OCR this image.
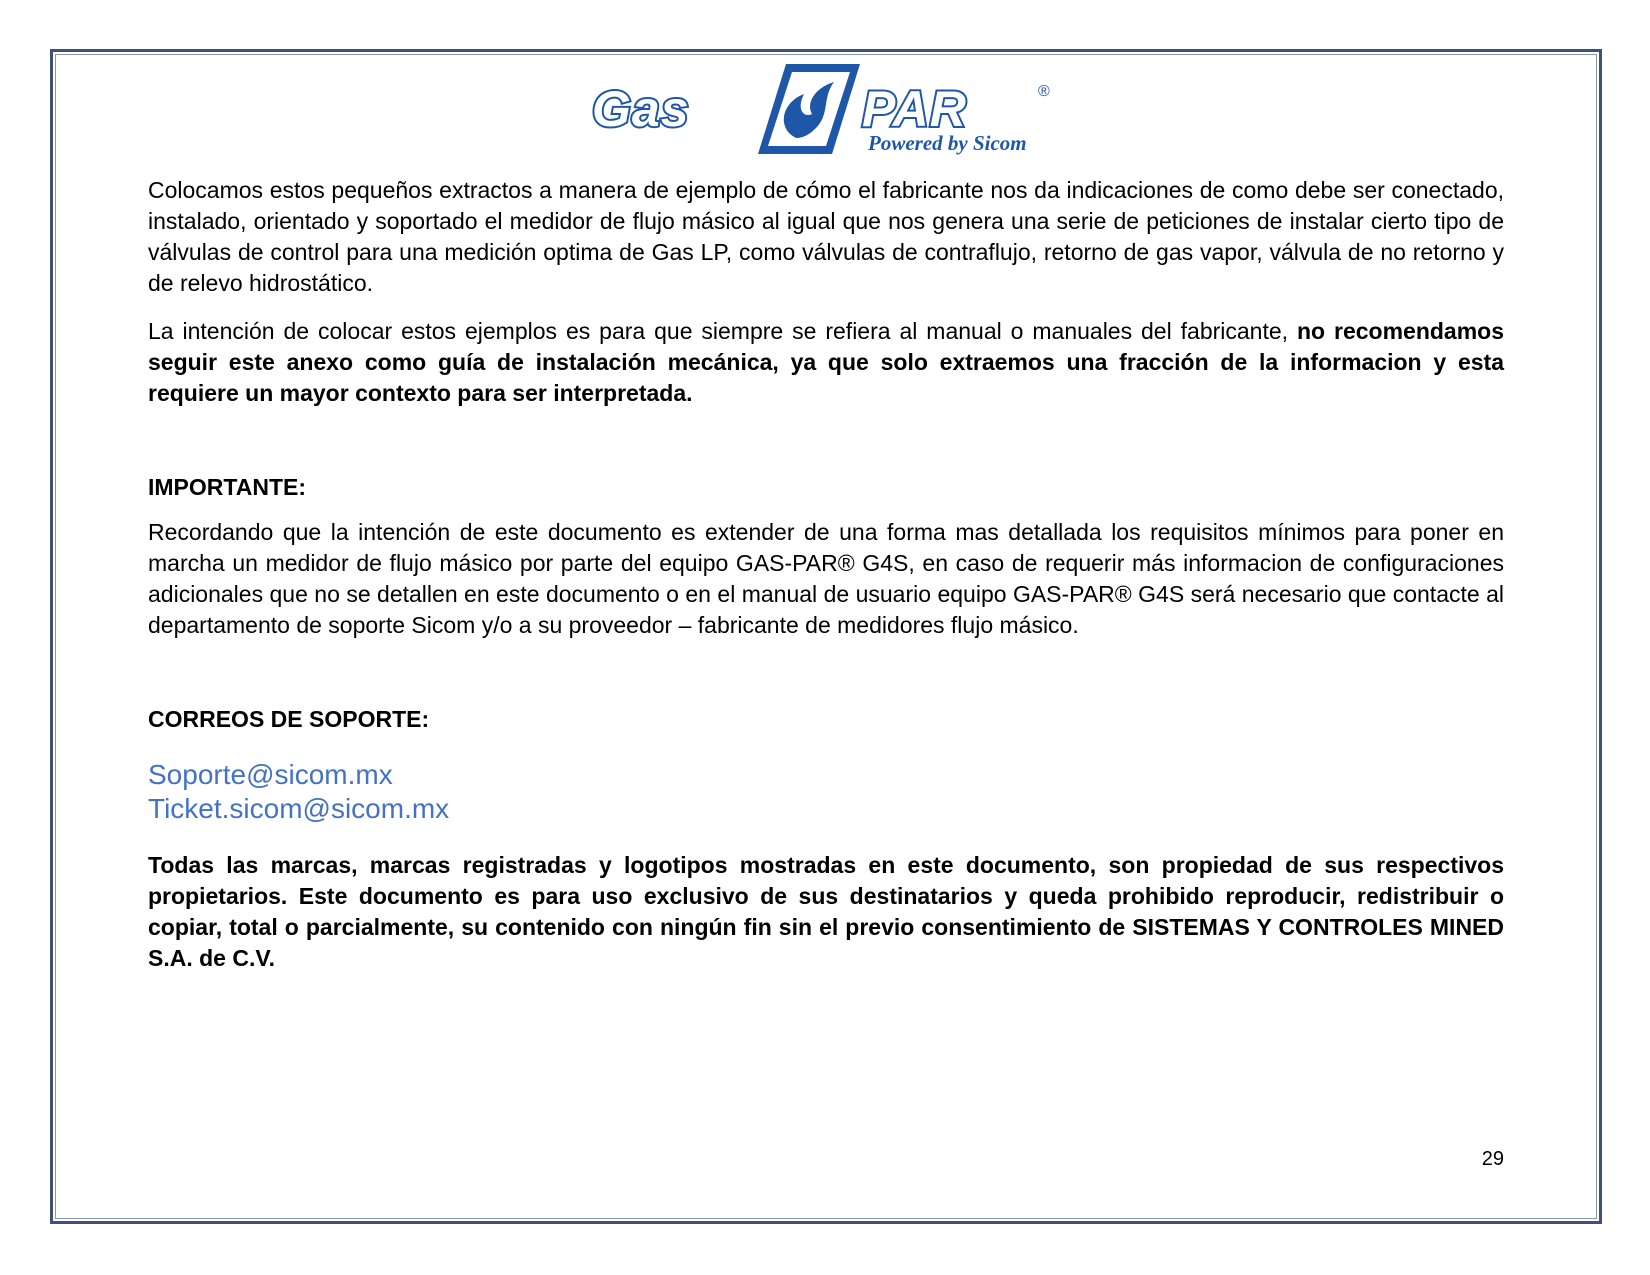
Gas	PAR	®
Powered by Sicom

Colocamos estos pequeños extractos a manera de ejemplo de cómo el fabricante nos da indicaciones de como debe ser conectado, instalado, orientado y soportado el medidor de flujo másico al igual que nos genera una serie de peticiones de instalar cierto tipo de válvulas de control para una medición optima de Gas LP, como válvulas de contraflujo, retorno de gas vapor, válvula de no retorno y de relevo hidrostático.

La intención de colocar estos ejemplos es para que siempre se refiera al manual o manuales del fabricante, no recomendamos seguir este anexo como guía de instalación mecánica, ya que solo extraemos una fracción de la informacion y esta requiere un mayor contexto para ser interpretada.

IMPORTANTE:

Recordando que la intención de este documento es extender de una forma mas detallada los requisitos mínimos para poner en marcha un medidor de flujo másico por parte del equipo GAS-PAR® G4S, en caso de requerir más informacion de configuraciones adicionales que no se detallen en este documento o en el manual de usuario equipo GAS-PAR® G4S será necesario que contacte al departamento de soporte Sicom y/o a su proveedor – fabricante de medidores flujo másico.

CORREOS DE SOPORTE:

Soporte@sicom.mx
Ticket.sicom@sicom.mx

Todas las marcas, marcas registradas y logotipos mostradas en este documento, son propiedad de sus respectivos propietarios. Este documento es para uso exclusivo de sus destinatarios y queda prohibido reproducir, redistribuir o copiar, total o parcialmente, su contenido con ningún fin sin el previo consentimiento de SISTEMAS Y CONTROLES MINED S.A. de C.V.

29
